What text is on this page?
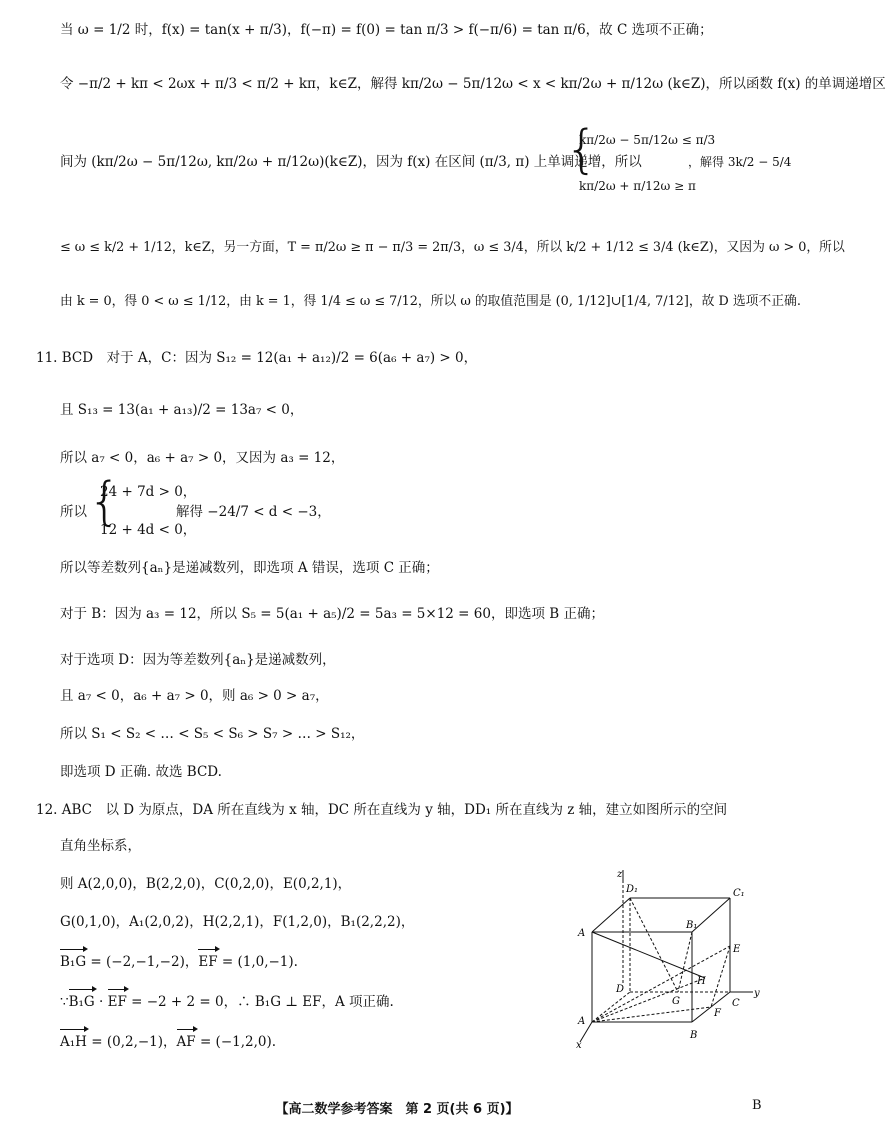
当 ω = 1/2 时，f(x) = tan(x + π/3)，f(−π) = f(0) = tan π/3 > f(−π/6) = tan π/6，故 C 选项不正确；
令 −π/2 + kπ < 2ωx + π/3 < π/2 + kπ，k∈Z，解得 kπ/2ω − 5π/12ω < x < kπ/2ω + π/12ω (k∈Z)，所以函数 f(x) 的单调递增区
间为 (kπ/2ω − 5π/12ω, kπ/2ω + π/12ω)(k∈Z)，因为 f(x) 在区间 (π/3, π) 上单调递增，所以
{
kπ/2ω − 5π/12ω ≤ π/3
kπ/2ω + π/12ω ≥ π
，解得 3k/2 − 5/4
≤ ω ≤ k/2 + 1/12，k∈Z，另一方面，T = π/2ω ≥ π − π/3 = 2π/3，ω ≤ 3/4，所以 k/2 + 1/12 ≤ 3/4 (k∈Z)，又因为 ω > 0，所以
由 k = 0，得 0 < ω ≤ 1/12，由 k = 1，得 1/4 ≤ ω ≤ 7/12，所以 ω 的取值范围是 (0, 1/12]∪[1/4, 7/12]，故 D 选项不正确.
11. BCD　对于 A，C：因为 S₁₂ = 12(a₁ + a₁₂)/2 = 6(a₆ + a₇) > 0，
且 S₁₃ = 13(a₁ + a₁₃)/2 = 13a₇ < 0，
所以 a₇ < 0，a₆ + a₇ > 0，又因为 a₃ = 12，
所以 {
24 + 7d > 0，
12 + 4d < 0，
解得 −24/7 < d < −3，
所以等差数列{aₙ}是递减数列，即选项 A 错误，选项 C 正确；
对于 B：因为 a₃ = 12，所以 S₅ = 5(a₁ + a₅)/2 = 5a₃ = 5×12 = 60，即选项 B 正确；
对于选项 D：因为等差数列{aₙ}是递减数列，
且 a₇ < 0，a₆ + a₇ > 0，则 a₆ > 0 > a₇，
所以 S₁ < S₂ < … < S₅ < S₆ > S₇ > … > S₁₂，
即选项 D 正确. 故选 BCD.
12. ABC　以 D 为原点，DA 所在直线为 x 轴，DC 所在直线为 y 轴，DD₁ 所在直线为 z 轴，建立如图所示的空间
直角坐标系，
则 A(2,0,0)，B(2,2,0)，C(0,2,0)，E(0,2,1)，
G(0,1,0)，A₁(2,0,2)，H(2,2,1)，F(1,2,0)，B₁(2,2,2)，
B₁G = (−2,−1,−2)，EF = (1,0,−1).
∵B₁G · EF = −2 + 2 = 0，∴ B₁G ⊥ EF，A 项正确.
A₁H = (0,2,−1)，AF = (−1,2,0).
z
D₁	C₁
A
B₁
E
D
G
H
C
y
A
F
B
x
【高二数学参考答案　第 2 页(共 6 页)】	B
